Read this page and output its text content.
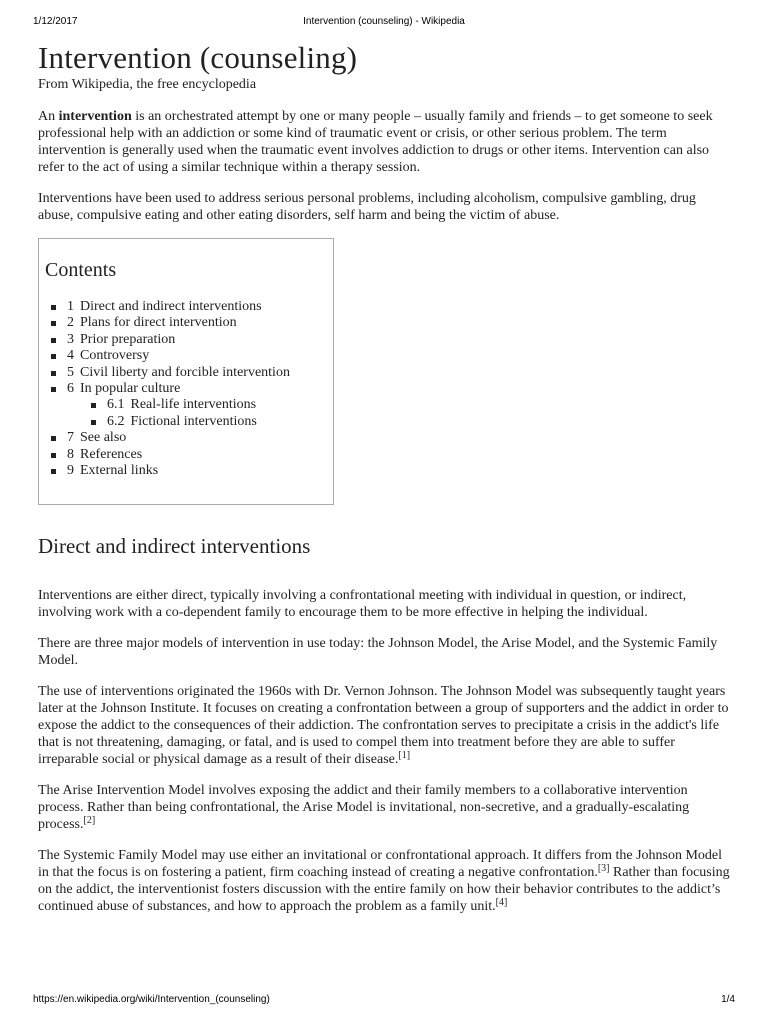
1/12/2017	Intervention (counseling) - Wikipedia
Intervention (counseling)
From Wikipedia, the free encyclopedia

An intervention is an orchestrated attempt by one or many people – usually family and friends – to get someone to seek professional help with an addiction or some kind of traumatic event or crisis, or other serious problem. The term intervention is generally used when the traumatic event involves addiction to drugs or other items. Intervention can also refer to the act of using a similar technique within a therapy session.

Interventions have been used to address serious personal problems, including alcoholism, compulsive gambling, drug abuse, compulsive eating and other eating disorders, self harm and being the victim of abuse.

Contents
1 Direct and indirect interventions
2 Plans for direct intervention
3 Prior preparation
4 Controversy
5 Civil liberty and forcible intervention
6 In popular culture
6.1 Real-life interventions
6.2 Fictional interventions
7 See also
8 References
9 External links
Direct and indirect interventions

Interventions are either direct, typically involving a confrontational meeting with individual in question, or indirect, involving work with a co-dependent family to encourage them to be more effective in helping the individual.

There are three major models of intervention in use today: the Johnson Model, the Arise Model, and the Systemic Family Model.

The use of interventions originated the 1960s with Dr. Vernon Johnson. The Johnson Model was subsequently taught years later at the Johnson Institute. It focuses on creating a confrontation between a group of supporters and the addict in order to expose the addict to the consequences of their addiction. The confrontation serves to precipitate a crisis in the addict's life that is not threatening, damaging, or fatal, and is used to compel them into treatment before they are able to suffer irreparable social or physical damage as a result of their disease.[1]

The Arise Intervention Model involves exposing the addict and their family members to a collaborative intervention process. Rather than being confrontational, the Arise Model is invitational, non-secretive, and a gradually-escalating process.[2]

The Systemic Family Model may use either an invitational or confrontational approach. It differs from the Johnson Model in that the focus is on fostering a patient, firm coaching instead of creating a negative confrontation.[3] Rather than focusing on the addict, the interventionist fosters discussion with the entire family on how their behavior contributes to the addict’s continued abuse of substances, and how to approach the problem as a family unit.[4]

https://en.wikipedia.org/wiki/Intervention_(counseling)	1/4
